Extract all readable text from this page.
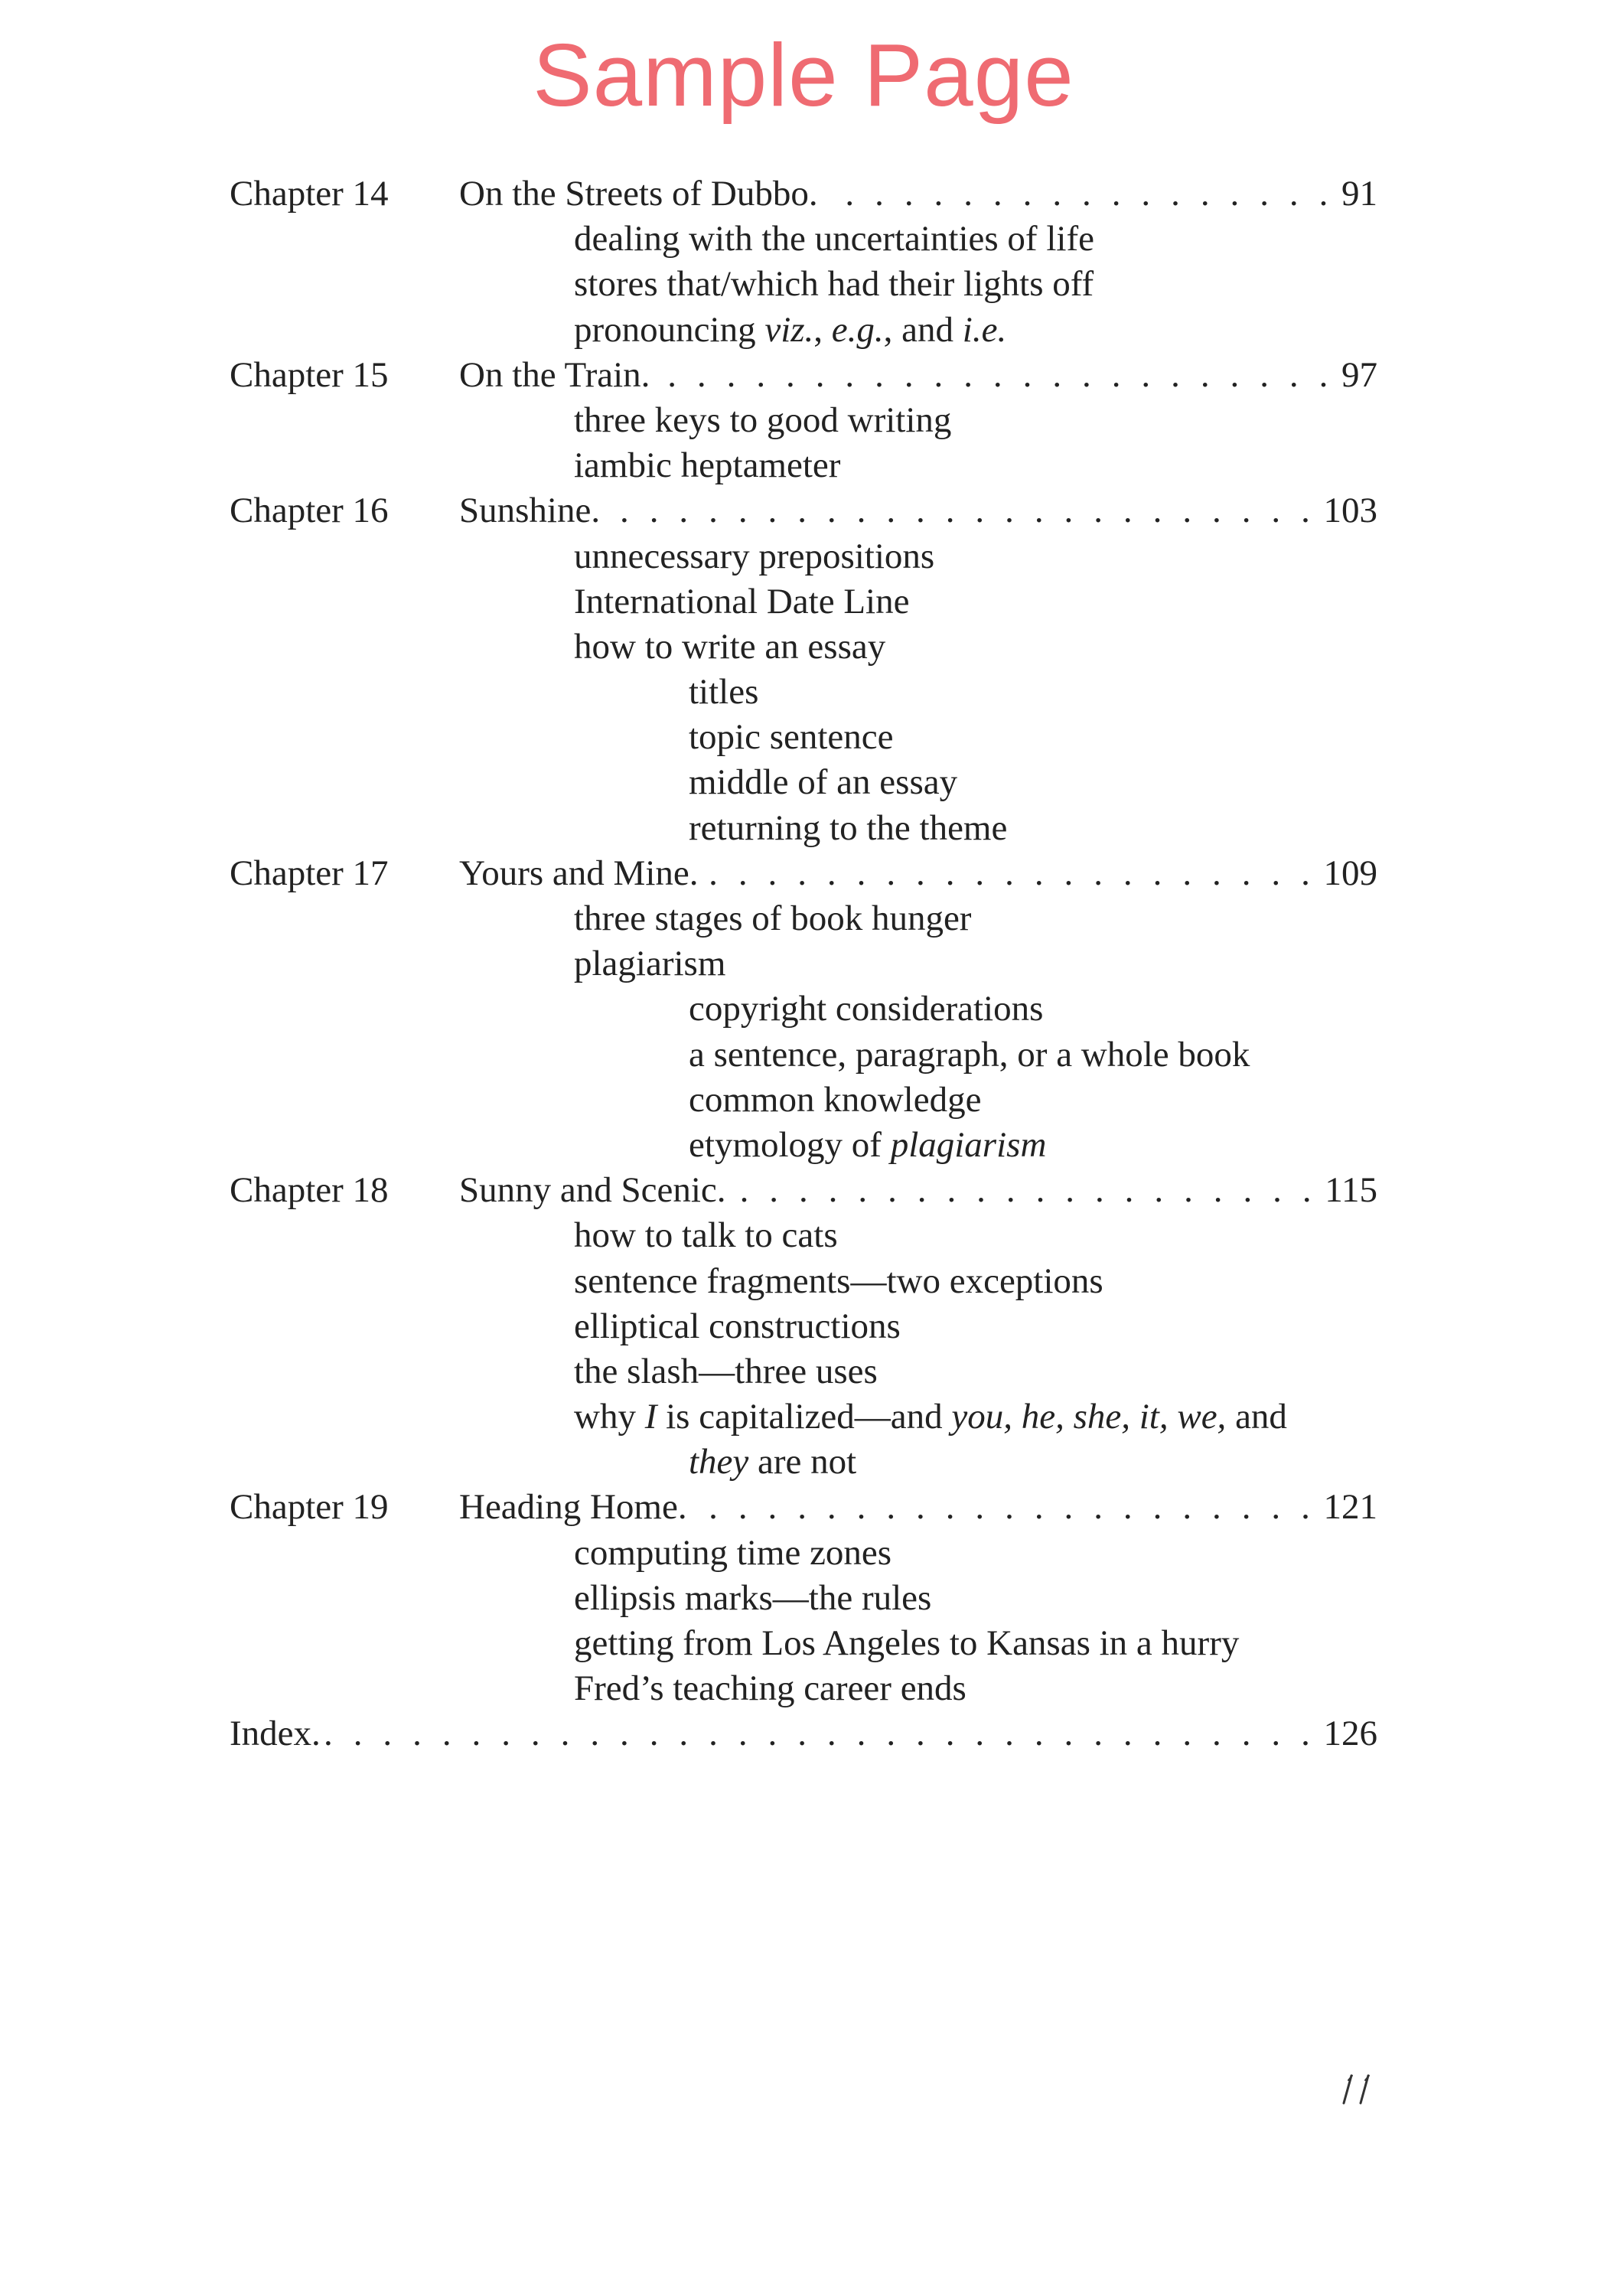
Sample Page
Chapter 14 On the Streets of Dubbo. . . .	91
dealing with the uncertainties of life
stores that/which had their lights off
pronouncing viz., e.g., and i.e.
Chapter 15 On the Train. . . .	97
three keys to good writing
iambic heptameter
Chapter 16 Sunshine. . . .	103
unnecessary prepositions
International Date Line
how to write an essay
titles
topic sentence
middle of an essay
returning to the theme
Chapter 17 Yours and Mine. . . .	109
three stages of book hunger
plagiarism
copyright considerations
a sentence, paragraph, or a whole book
common knowledge
etymology of plagiarism
Chapter 18 Sunny and Scenic. . . .	115
how to talk to cats
sentence fragments—two exceptions
elliptical constructions
the slash—three uses
why I is capitalized—and you, he, she, it, we, and
they are not
Chapter 19 Heading Home. . . .	121
computing time zones
ellipsis marks—the rules
getting from Los Angeles to Kansas in a hurry
Fred’s teaching career ends
Index. . . .	126
